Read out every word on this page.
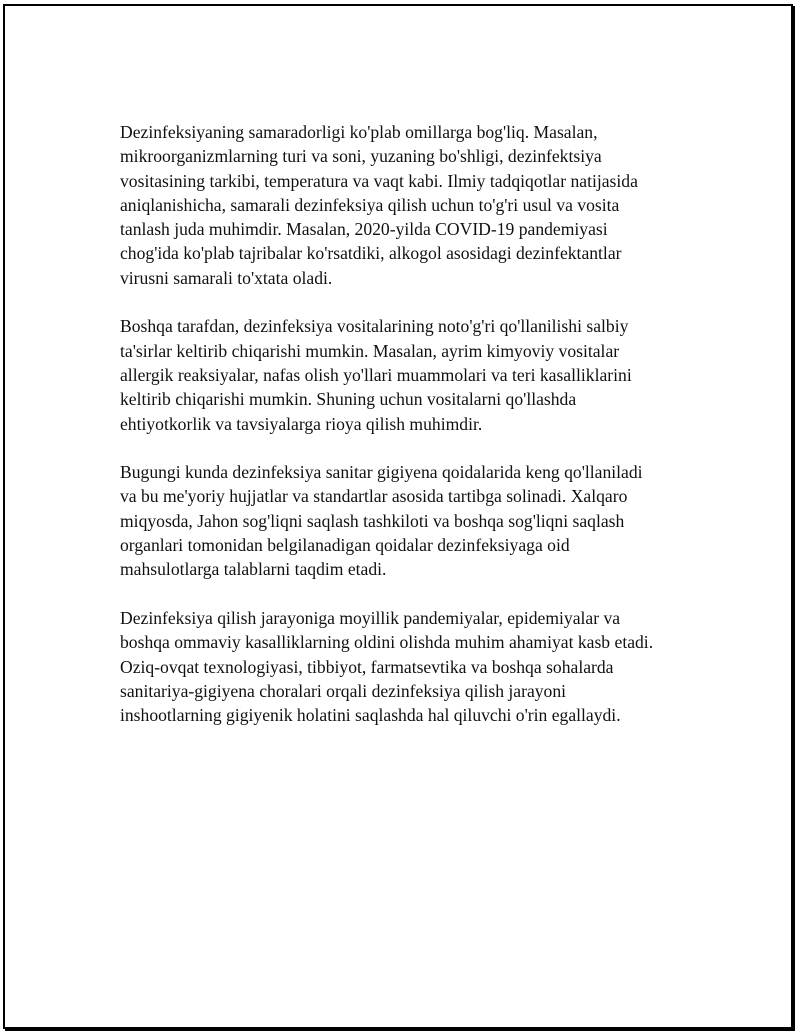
Dezinfeksiyaning samaradorligi ko'plab omillarga bog'liq. Masalan,
mikroorganizmlarning turi va soni, yuzaning bo'shligi, dezinfektsiya
vositasining tarkibi, temperatura va vaqt kabi. Ilmiy tadqiqotlar natijasida
aniqlanishicha, samarali dezinfeksiya qilish uchun to'g'ri usul va vosita
tanlash juda muhimdir. Masalan, 2020-yilda COVID-19 pandemiyasi
chog'ida ko'plab tajribalar ko'rsatdiki, alkogol asosidagi dezinfektantlar
virusni samarali to'xtata oladi.

Boshqa tarafdan, dezinfeksiya vositalarining noto'g'ri qo'llanilishi salbiy
ta'sirlar keltirib chiqarishi mumkin. Masalan, ayrim kimyoviy vositalar
allergik reaksiyalar, nafas olish yo'llari muammolari va teri kasalliklarini
keltirib chiqarishi mumkin. Shuning uchun vositalarni qo'llashda
ehtiyotkorlik va tavsiyalarga rioya qilish muhimdir.

Bugungi kunda dezinfeksiya sanitar gigiyena qoidalarida keng qo'llaniladi
va bu me'yoriy hujjatlar va standartlar asosida tartibga solinadi. Xalqaro
miqyosda, Jahon sog'liqni saqlash tashkiloti va boshqa sog'liqni saqlash
organlari tomonidan belgilanadigan qoidalar dezinfeksiyaga oid
mahsulotlarga talablarni taqdim etadi.

Dezinfeksiya qilish jarayoniga moyillik pandemiyalar, epidemiyalar va
boshqa ommaviy kasalliklarning oldini olishda muhim ahamiyat kasb etadi.
Oziq-ovqat texnologiyasi, tibbiyot, farmatsevtika va boshqa sohalarda
sanitariya-gigiyena choralari orqali dezinfeksiya qilish jarayoni
inshootlarning gigiyenik holatini saqlashda hal qiluvchi o'rin egallaydi.
